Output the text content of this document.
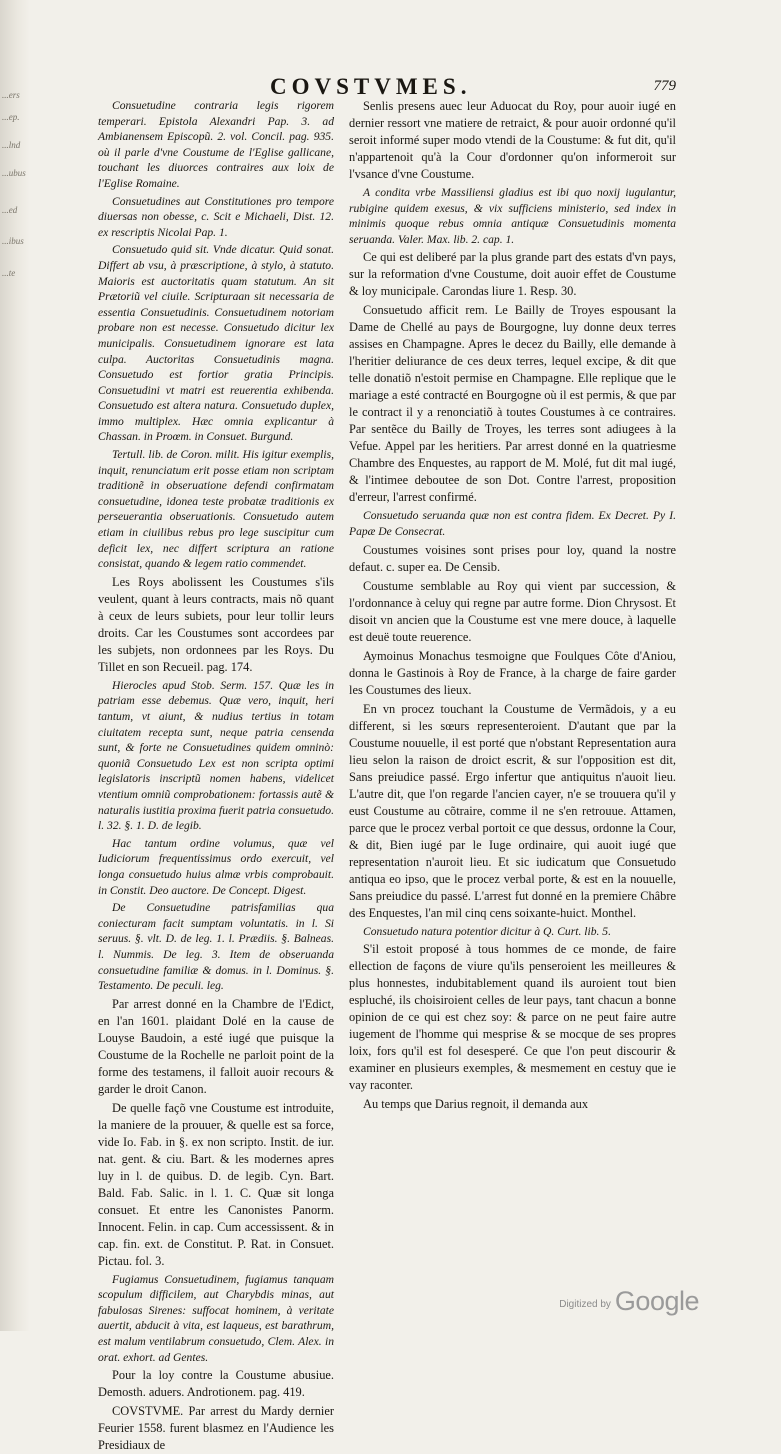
...ers
...ep.
...lnd
...ubus
...ed
...ibus
...te
COVSTVMES.	779

Consuetudine contraria legis rigorem temperari. Epistola Alexandri Pap. 3. ad Ambianensem Episcopũ. 2. vol. Concil. pag. 935. où il parle d'vne Coustume de l'Eglise gallicane, touchant les diuorces contraires aux loix de l'Eglise Romaine.

Consuetudines aut Constitutiones pro tempore diuersas non obesse, c. Scit e Michaeli, Dist. 12. ex rescriptis Nicolai Pap. 1.

Consuetudo quid sit. Vnde dicatur. Quid sonat. Differt ab vsu, à præscriptione, à stylo, à statuto. Maioris est auctoritatis quam statutum. An sit Prætoriũ vel ciuile. Scripturaan sit necessaria de essentia Consuetudinis. Consuetudinem notoriam probare non est necesse. Consuetudo dicitur lex municipalis. Consuetudinem ignorare est lata culpa. Auctoritas Consuetudinis magna. Consuetudo est fortior gratia Principis. Consuetudini vt matri est reuerentia exhibenda. Consuetudo est altera natura. Consuetudo duplex, immo multiplex. Hæc omnia explicantur à Chassan. in Proœm. in Consuet. Burgund.

Tertull. lib. de Coron. milit. His igitur exemplis, inquit, renunciatum erit posse etiam non scriptam traditionẽ in obseruatione defendi confirmatam consuetudine, idonea teste probatæ traditionis ex perseuerantia obseruationis. Consuetudo autem etiam in ciuilibus rebus pro lege suscipitur cum deficit lex, nec differt scriptura an ratione consistat, quando & legem ratio commendet.

Les Roys abolissent les Coustumes s'ils veulent, quant à leurs contracts, mais nõ quant à ceux de leurs subiets, pour leur tollir leurs droits. Car les Coustumes sont accordees par les subjets, non ordonnees par les Roys. Du Tillet en son Recueil. pag. 174.

Hierocles apud Stob. Serm. 157. Quæ les in patriam esse debemus. Quæ vero, inquit, heri tantum, vt aiunt, & nudius tertius in totam ciuitatem recepta sunt, neque patria censenda sunt, & forte ne Consuetudines quidem omninò: quoniã Consuetudo Lex est non scripta optimi legislatoris inscriptũ nomen habens, videlicet vtentium omniũ comprobationem: fortassis autẽ & naturalis iustitia proxima fuerit patria consuetudo. l. 32. §. 1. D. de legib.

Hac tantum ordine volumus, quæ vel Iudiciorum frequentissimus ordo exercuit, vel longa consuetudo huius almæ vrbis comprobauit. in Constit. Deo auctore. De Concept. Digest.

De Consuetudine patrisfamilias qua coniecturam facit sumptam voluntatis. in l. Si seruus. §. vlt. D. de leg. 1. l. Prædiis. §. Balneas. l. Nummis. De leg. 3. Item de obseruanda consuetudine familiæ & domus. in l. Dominus. §. Testamento. De peculi. leg.

Par arrest donné en la Chambre de l'Edict, en l'an 1601. plaidant Dolé en la cause de Louyse Baudoin, a esté iugé que puisque la Coustume de la Rochelle ne parloit point de la forme des testamens, il falloit auoir recours & garder le droit Canon.

De quelle façõ vne Coustume est introduite, la maniere de la prouuer, & quelle est sa force, vide Io. Fab. in §. ex non scripto. Instit. de iur. nat. gent. & ciu. Bart. & les modernes apres luy in l. de quibus. D. de legib. Cyn. Bart. Bald. Fab. Salic. in l. 1. C. Quæ sit longa consuet. Et entre les Canonistes Panorm. Innocent. Felin. in cap. Cum accessissent. & in cap. fin. ext. de Constitut. P. Rat. in Consuet. Pictau. fol. 3.

Fugiamus Consuetudinem, fugiamus tanquam scopulum difficilem, aut Charybdis minas, aut fabulosas Sirenes: suffocat hominem, à veritate auertit, abducit à vita, est laqueus, est barathrum, est malum ventilabrum consuetudo, Clem. Alex. in orat. exhort. ad Gentes.

Pour la loy contre la Coustume abusiue. Demosth. aduers. Androtionem. pag. 419.

COVSTVME. Par arrest du Mardy dernier Feurier 1558. furent blasmez en l'Audience les Presidiaux de

Senlis presens auec leur Aduocat du Roy, pour auoir iugé en dernier ressort vne matiere de retraict, & pour auoir ordonné qu'il seroit informé super modo vtendi de la Coustume: & fut dit, qu'il n'appartenoit qu'à la Cour d'ordonner qu'on informeroit sur l'vsance d'vne Coustume.

A condita vrbe Massiliensi gladius est ibi quo noxij iugulantur, rubigine quidem exesus, & vix sufficiens ministerio, sed index in minimis quoque rebus omnia antiquæ Consuetudinis momenta seruanda. Valer. Max. lib. 2. cap. 1.

Ce qui est deliberé par la plus grande part des estats d'vn pays, sur la reformation d'vne Coustume, doit auoir effet de Coustume & loy municipale. Carondas liure 1. Resp. 30.

Consuetudo afficit rem. Le Bailly de Troyes espousant la Dame de Chellé au pays de Bourgogne, luy donne deux terres assises en Champagne. Apres le decez du Bailly, elle demande à l'heritier deliurance de ces deux terres, lequel excipe, & dit que telle donatiõ n'estoit permise en Champagne. Elle replique que le mariage a esté contracté en Bourgogne où il est permis, & que par le contract il y a renonciatiõ à toutes Coustumes à ce contraires. Par sentẽce du Bailly de Troyes, les terres sont adiugees à la Vefue. Appel par les heritiers. Par arrest donné en la quatriesme Chambre des Enquestes, au rapport de M. Molé, fut dit mal iugé, & l'intimee deboutee de son Dot. Contre l'arrest, proposition d'erreur, l'arrest confirmé.

Consuetudo seruanda quæ non est contra fidem. Ex Decret. Py I. Papæ De Consecrat.

Coustumes voisines sont prises pour loy, quand la nostre defaut. c. super ea. De Censib.

Coustume semblable au Roy qui vient par succession, & l'ordonnance à celuy qui regne par autre forme. Dion Chrysost. Et disoit vn ancien que la Coustume est vne mere douce, à laquelle est deuë toute reuerence.

Aymoinus Monachus tesmoigne que Foulques Côte d'Aniou, donna le Gastinois à Roy de France, à la charge de faire garder les Coustumes des lieux.

En vn procez touchant la Coustume de Vermãdois, y a eu different, si les sœurs representeroient. D'autant que par la Coustume nouuelle, il est porté que n'obstant Representation aura lieu selon la raison de droict escrit, & sur l'opposition est dit, Sans preiudice passé. Ergo infertur que antiquitus n'auoit lieu. L'autre dit, que l'on regarde l'ancien cayer, n'e se trouuera qu'il y eust Coustume au cõtraire, comme il ne s'en retrouue. Attamen, parce que le procez verbal portoit ce que dessus, ordonne la Cour, & dit, Bien iugé par le Iuge ordinaire, qui auoit iugé que representation n'auroit lieu. Et sic iudicatum que Consuetudo antiqua eo ipso, que le procez verbal porte, & est en la nouuelle, Sans preiudice du passé. L'arrest fut donné en la premiere Châbre des Enquestes, l'an mil cinq cens soixante-huict. Monthel.

Consuetudo natura potentior dicitur à Q. Curt. lib. 5.

S'il estoit proposé à tous hommes de ce monde, de faire ellection de façons de viure qu'ils penseroient les meilleures & plus honnestes, indubitablement quand ils auroient tout bien espluché, ils choisiroient celles de leur pays, tant chacun a bonne opinion de ce qui est chez soy: & parce on ne peut faire autre iugement de l'homme qui mesprise & se mocque de ses propres loix, fors qu'il est fol desesperé. Ce que l'on peut discourir & examiner en plusieurs exemples, & mesmement en cestuy que ie vay raconter.

Au temps que Darius regnoit, il demanda aux

Digitized by Google
